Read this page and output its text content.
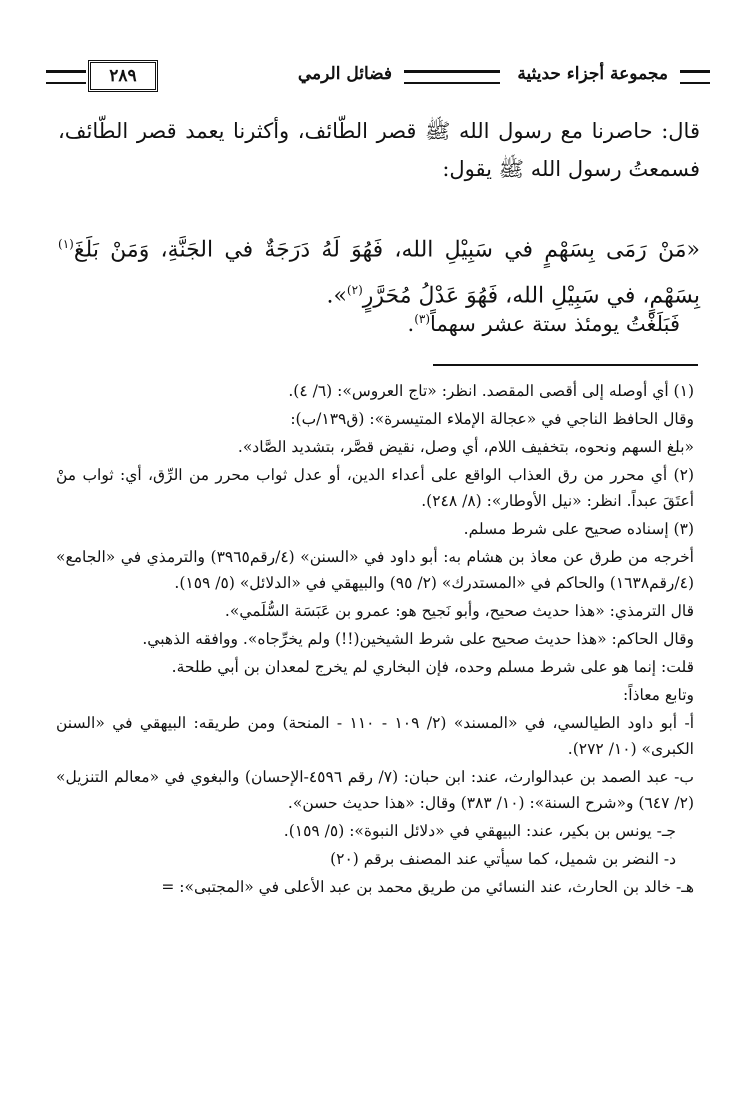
مجموعة أجزاء حديثية
فضائل الرمي
٢٨٩
قال: حاصرنا مع رسول الله ﷺ قصر الطّائف، وأكثرنا يعمد قصر الطّائف، فسمعتُ رسول الله ﷺ يقول:
«مَنْ رَمَى بِسَهْمٍ في سَبِيْلِ الله، فَهُوَ لَهُ دَرَجَةٌ في الجَنَّةِ، وَمَنْ بَلَغَ$^{(١)}$ بِسَهْمٍ، في سَبِيْلِ الله، فَهُوَ عَدْلُ مُحَرَّرٍ$^{(٢)}$».
فَبَلَغْتُ يومئذ ستة عشر سهماً$^{(٣)}$.

(١) أي أوصله إلى أقصى المقصد. انظر: «تاج العروس»: (٦/ ٤).

وقال الحافظ الناجي في «عجالة الإملاء المتيسرة»: (ق١٣٩/ب):

«بلغ السهم ونحوه، بتخفيف اللام، أي وصل، نقيض قصَّر، بتشديد الصَّاد».

(٢) أي محرر من رق العذاب الواقع على أعداء الدين، أو عدل ثواب محرر من الرِّق، أي: ثواب منْ أعتَقَ عبداً. انظر: «نيل الأوطار»: (٨/ ٢٤٨).

(٣) إسناده صحيح على شرط مسلم.

أخرجه من طرق عن معاذ بن هشام به: أبو داود في «السنن» (٤/رقم٣٩٦٥) والترمذي في «الجامع» (٤/رقم١٦٣٨) والحاكم في «المستدرك» (٢/ ٩٥) والبيهقي في «الدلائل» (٥/ ١٥٩).

قال الترمذي: «هذا حديث صحيح، وأبو نَجيح هو: عمرو بن عَبَسَة السُّلَمي».

وقال الحاكم: «هذا حديث صحيح على شرط الشيخين(!!) ولم يخرِّجاه». ووافقه الذهبي.

قلت: إنما هو على شرط مسلم وحده، فإن البخاري لم يخرج لمعدان بن أبي طلحة.

وتابع معاذاً:

أ- أبو داود الطيالسي، في «المسند» (٢/ ١٠٩ - ١١٠ - المنحة) ومن طريقه: البيهقي في «السنن الكبرى» (١٠/ ٢٧٢).

ب- عبد الصمد بن عبدالوارث، عند: ابن حبان: (٧/ رقم ٤٥٩٦-الإحسان) والبغوي في «معالم التنزيل» (٢/ ٦٤٧) و«شرح السنة»: (١٠/ ٣٨٣) وقال: «هذا حديث حسن».

جـ- يونس بن بكير، عند: البيهقي في «دلائل النبوة»: (٥/ ١٥٩).

د- النضر بن شميل، كما سيأتي عند المصنف برقم (٢٠)

هـ- خالد بن الحارث، عند النسائي من طريق محمد بن عبد الأعلى في «المجتبى»: =
